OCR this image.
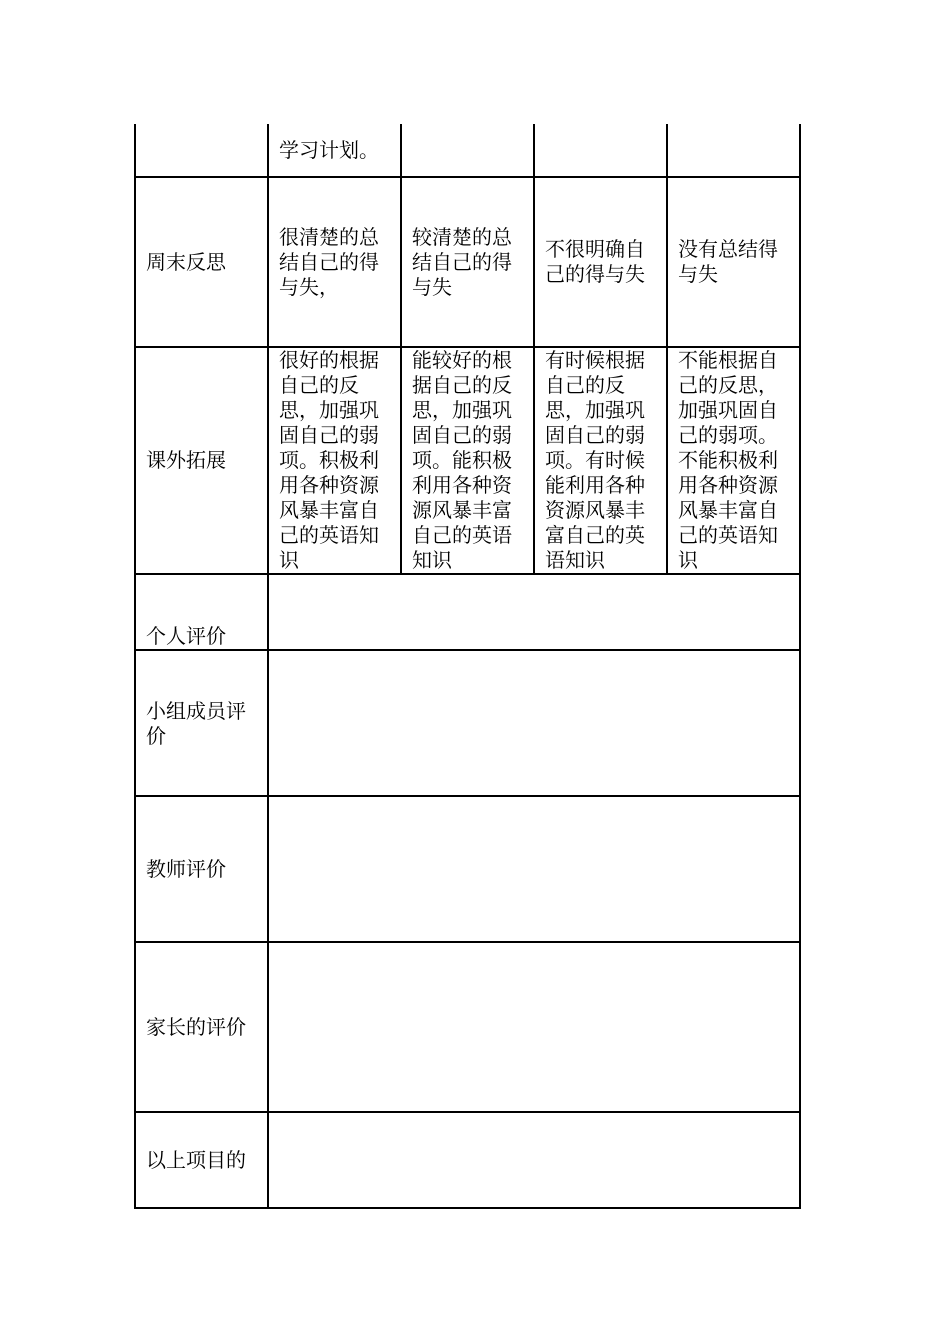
	学习计划。			
周末反思	很清楚的总结自己的得与失，	较清楚的总结自己的得与失	不很明确自己的得与失	没有总结得与失
课外拓展	很好的根据自己的反思，加强巩固自己的弱项。积极利用各种资源风暴丰富自己的英语知识	能较好的根据自己的反思，加强巩固自己的弱项。能积极利用各种资源风暴丰富自己的英语知识	有时候根据自己的反思，加强巩固自己的弱项。有时候能利用各种资源风暴丰富自己的英语知识	不能根据自己的反思，加强巩固自己的弱项。不能积极利用各种资源风暴丰富自己的英语知识
个人评价				
小组成员评价				
教师评价				
家长的评价				
以上项目的				
